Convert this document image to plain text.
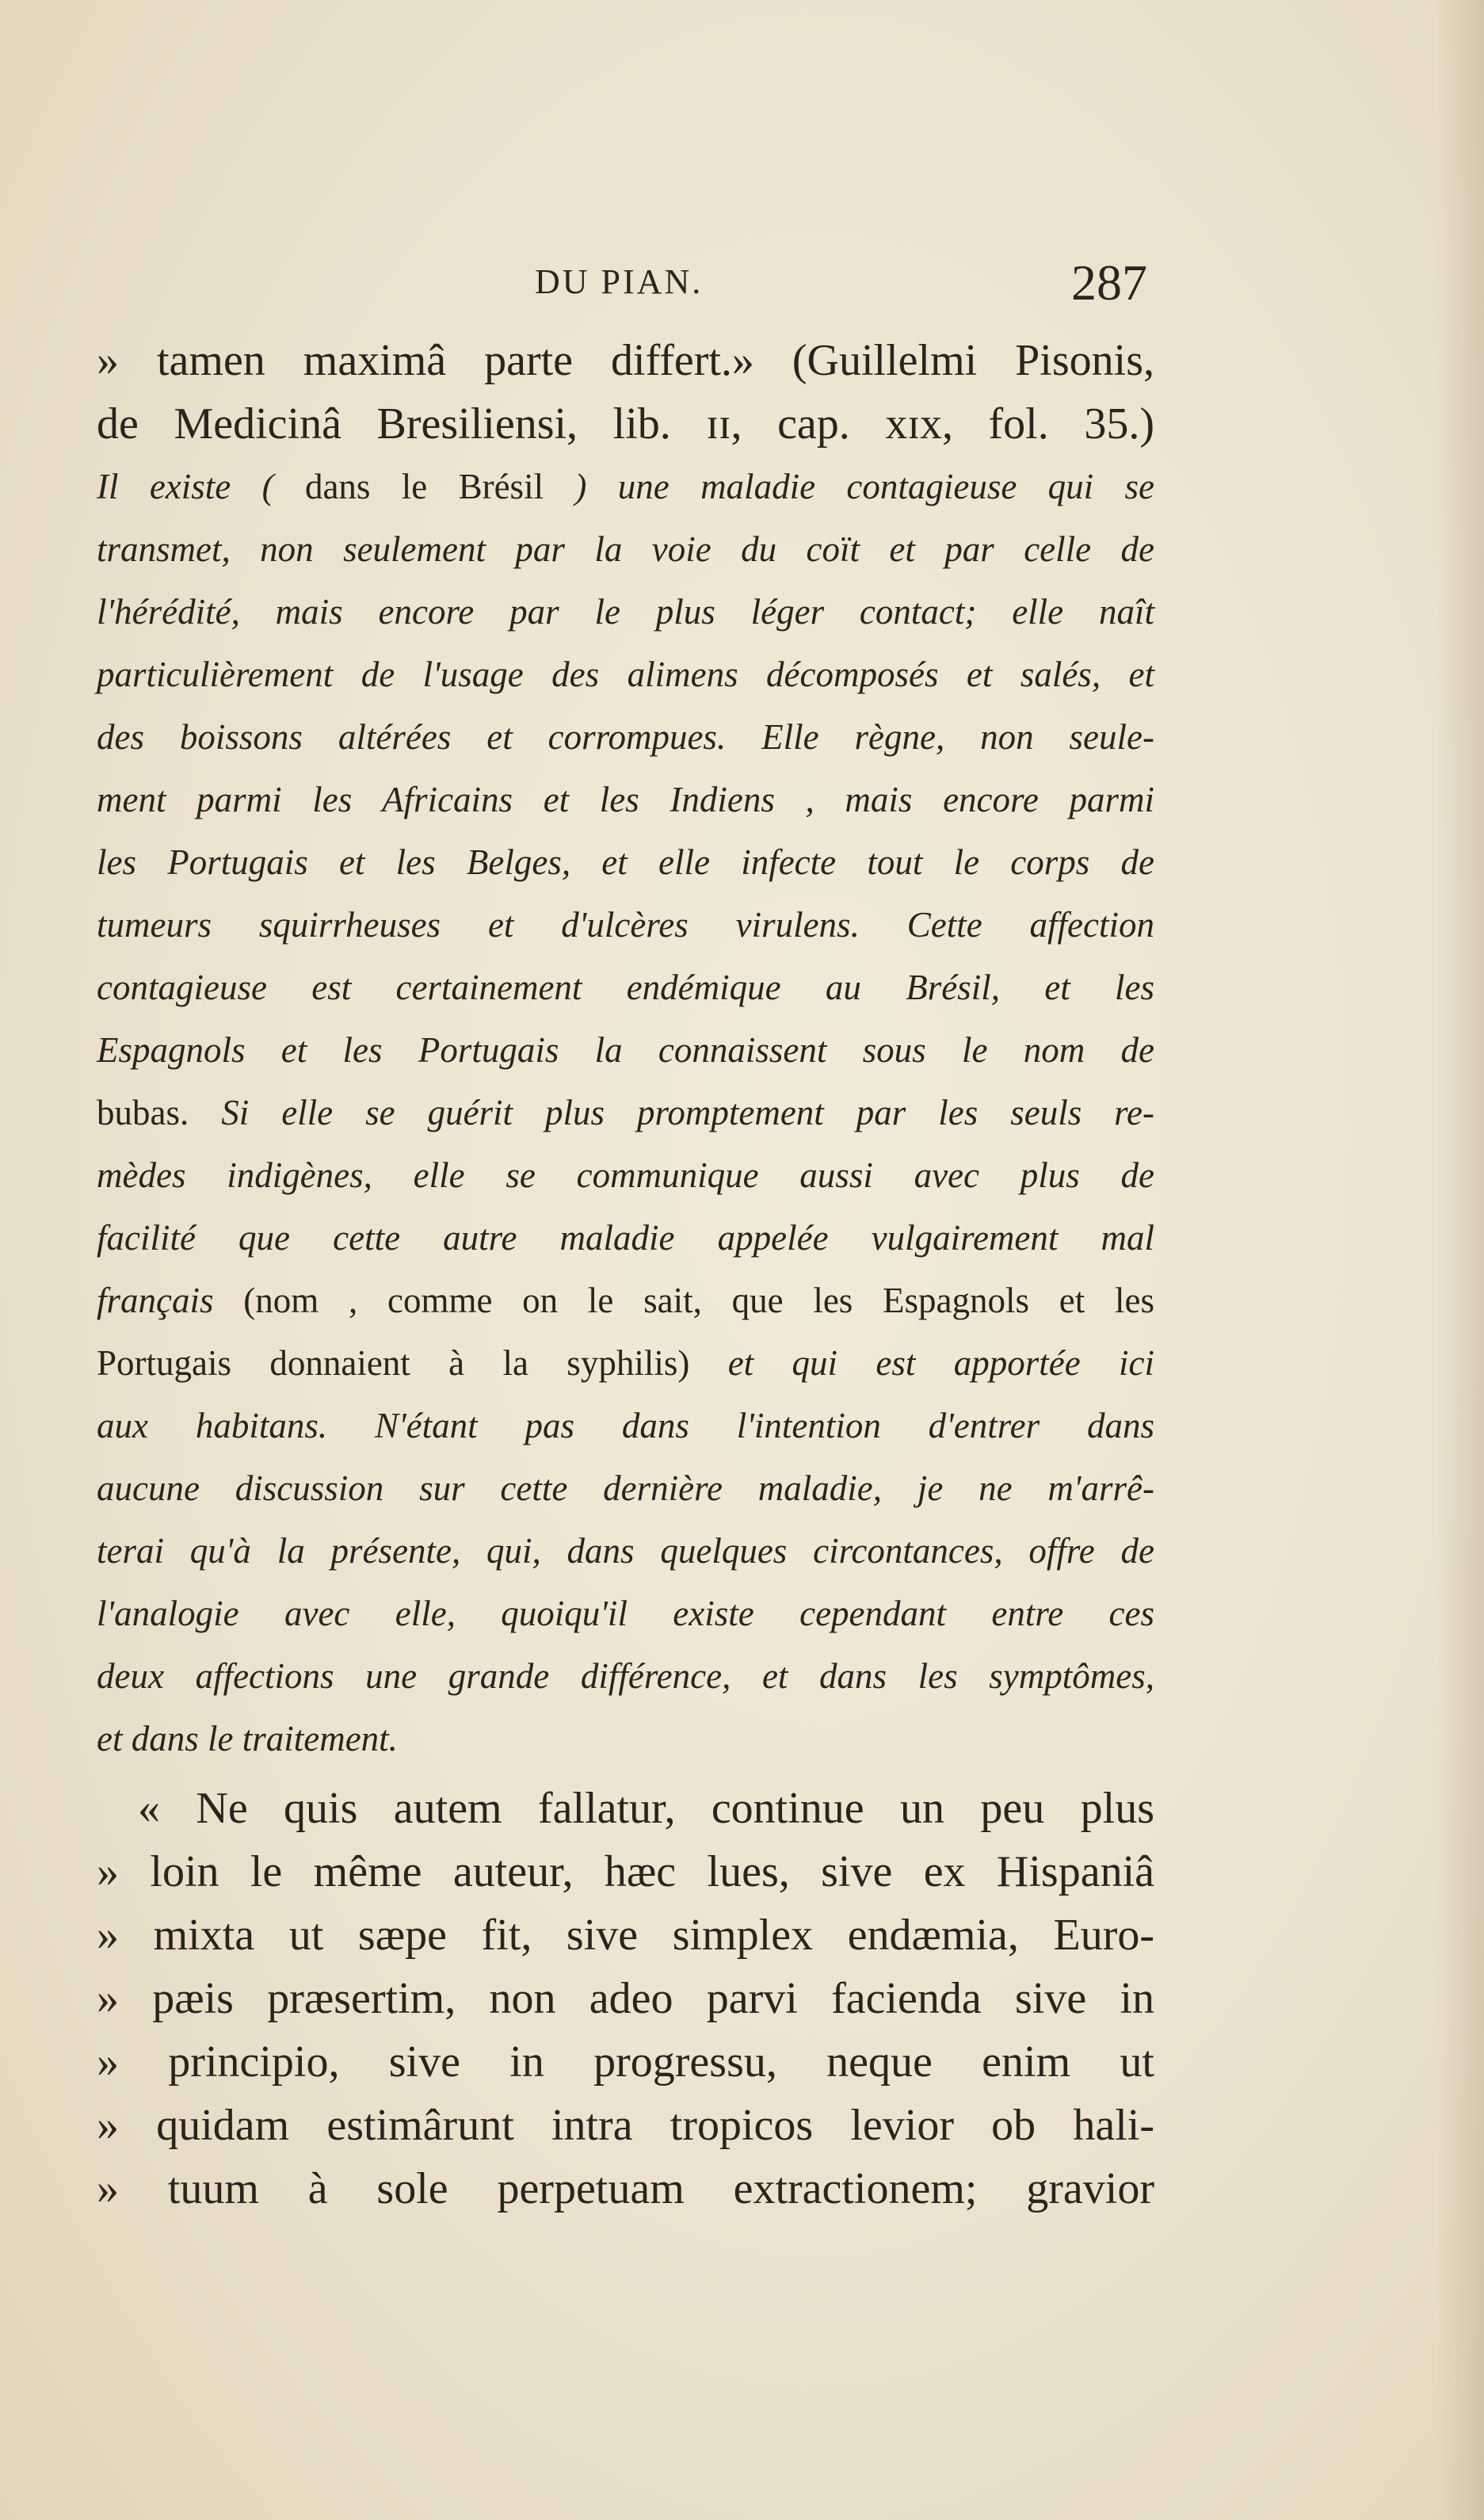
DU PIAN.	287
» tamen maximâ parte differt.» (Guillelmi Pisonis,
de Medicinâ Bresiliensi, lib. ɪɪ, cap. xɪx, fol. 35.)
Il existe ( dans le Brésil ) une maladie contagieuse qui se
transmet, non seulement par la voie du coït et par celle de
l'hérédité, mais encore par le plus léger contact; elle naît
particulièrement de l'usage des alimens décomposés et salés, et
des boissons altérées et corrompues. Elle règne, non seule-
ment parmi les Africains et les Indiens , mais encore parmi
les Portugais et les Belges, et elle infecte tout le corps de
tumeurs squirrheuses et d'ulcères virulens. Cette affection
contagieuse est certainement endémique au Brésil, et les
Espagnols et les Portugais la connaissent sous le nom de
bubas. Si elle se guérit plus promptement par les seuls re-
mèdes indigènes, elle se communique aussi avec plus de
facilité que cette autre maladie appelée vulgairement mal
français (nom , comme on le sait, que les Espagnols et les
Portugais donnaient à la syphilis) et qui est apportée ici
aux habitans. N'étant pas dans l'intention d'entrer dans
aucune discussion sur cette dernière maladie, je ne m'arrê-
terai qu'à la présente, qui, dans quelques circontances, offre de
l'analogie avec elle, quoiqu'il existe cependant entre ces
deux affections une grande différence, et dans les symptômes,
et dans le traitement.
« Ne quis autem fallatur, continue un peu plus
» loin le même auteur, hæc lues, sive ex Hispaniâ
» mixta ut sæpe fit, sive simplex endæmia, Euro-
» pæis præsertim, non adeo parvi facienda sive in
» principio, sive in progressu, neque enim ut
» quidam estimârunt intra tropicos levior ob hali-
» tuum à sole perpetuam extractionem; gravior
